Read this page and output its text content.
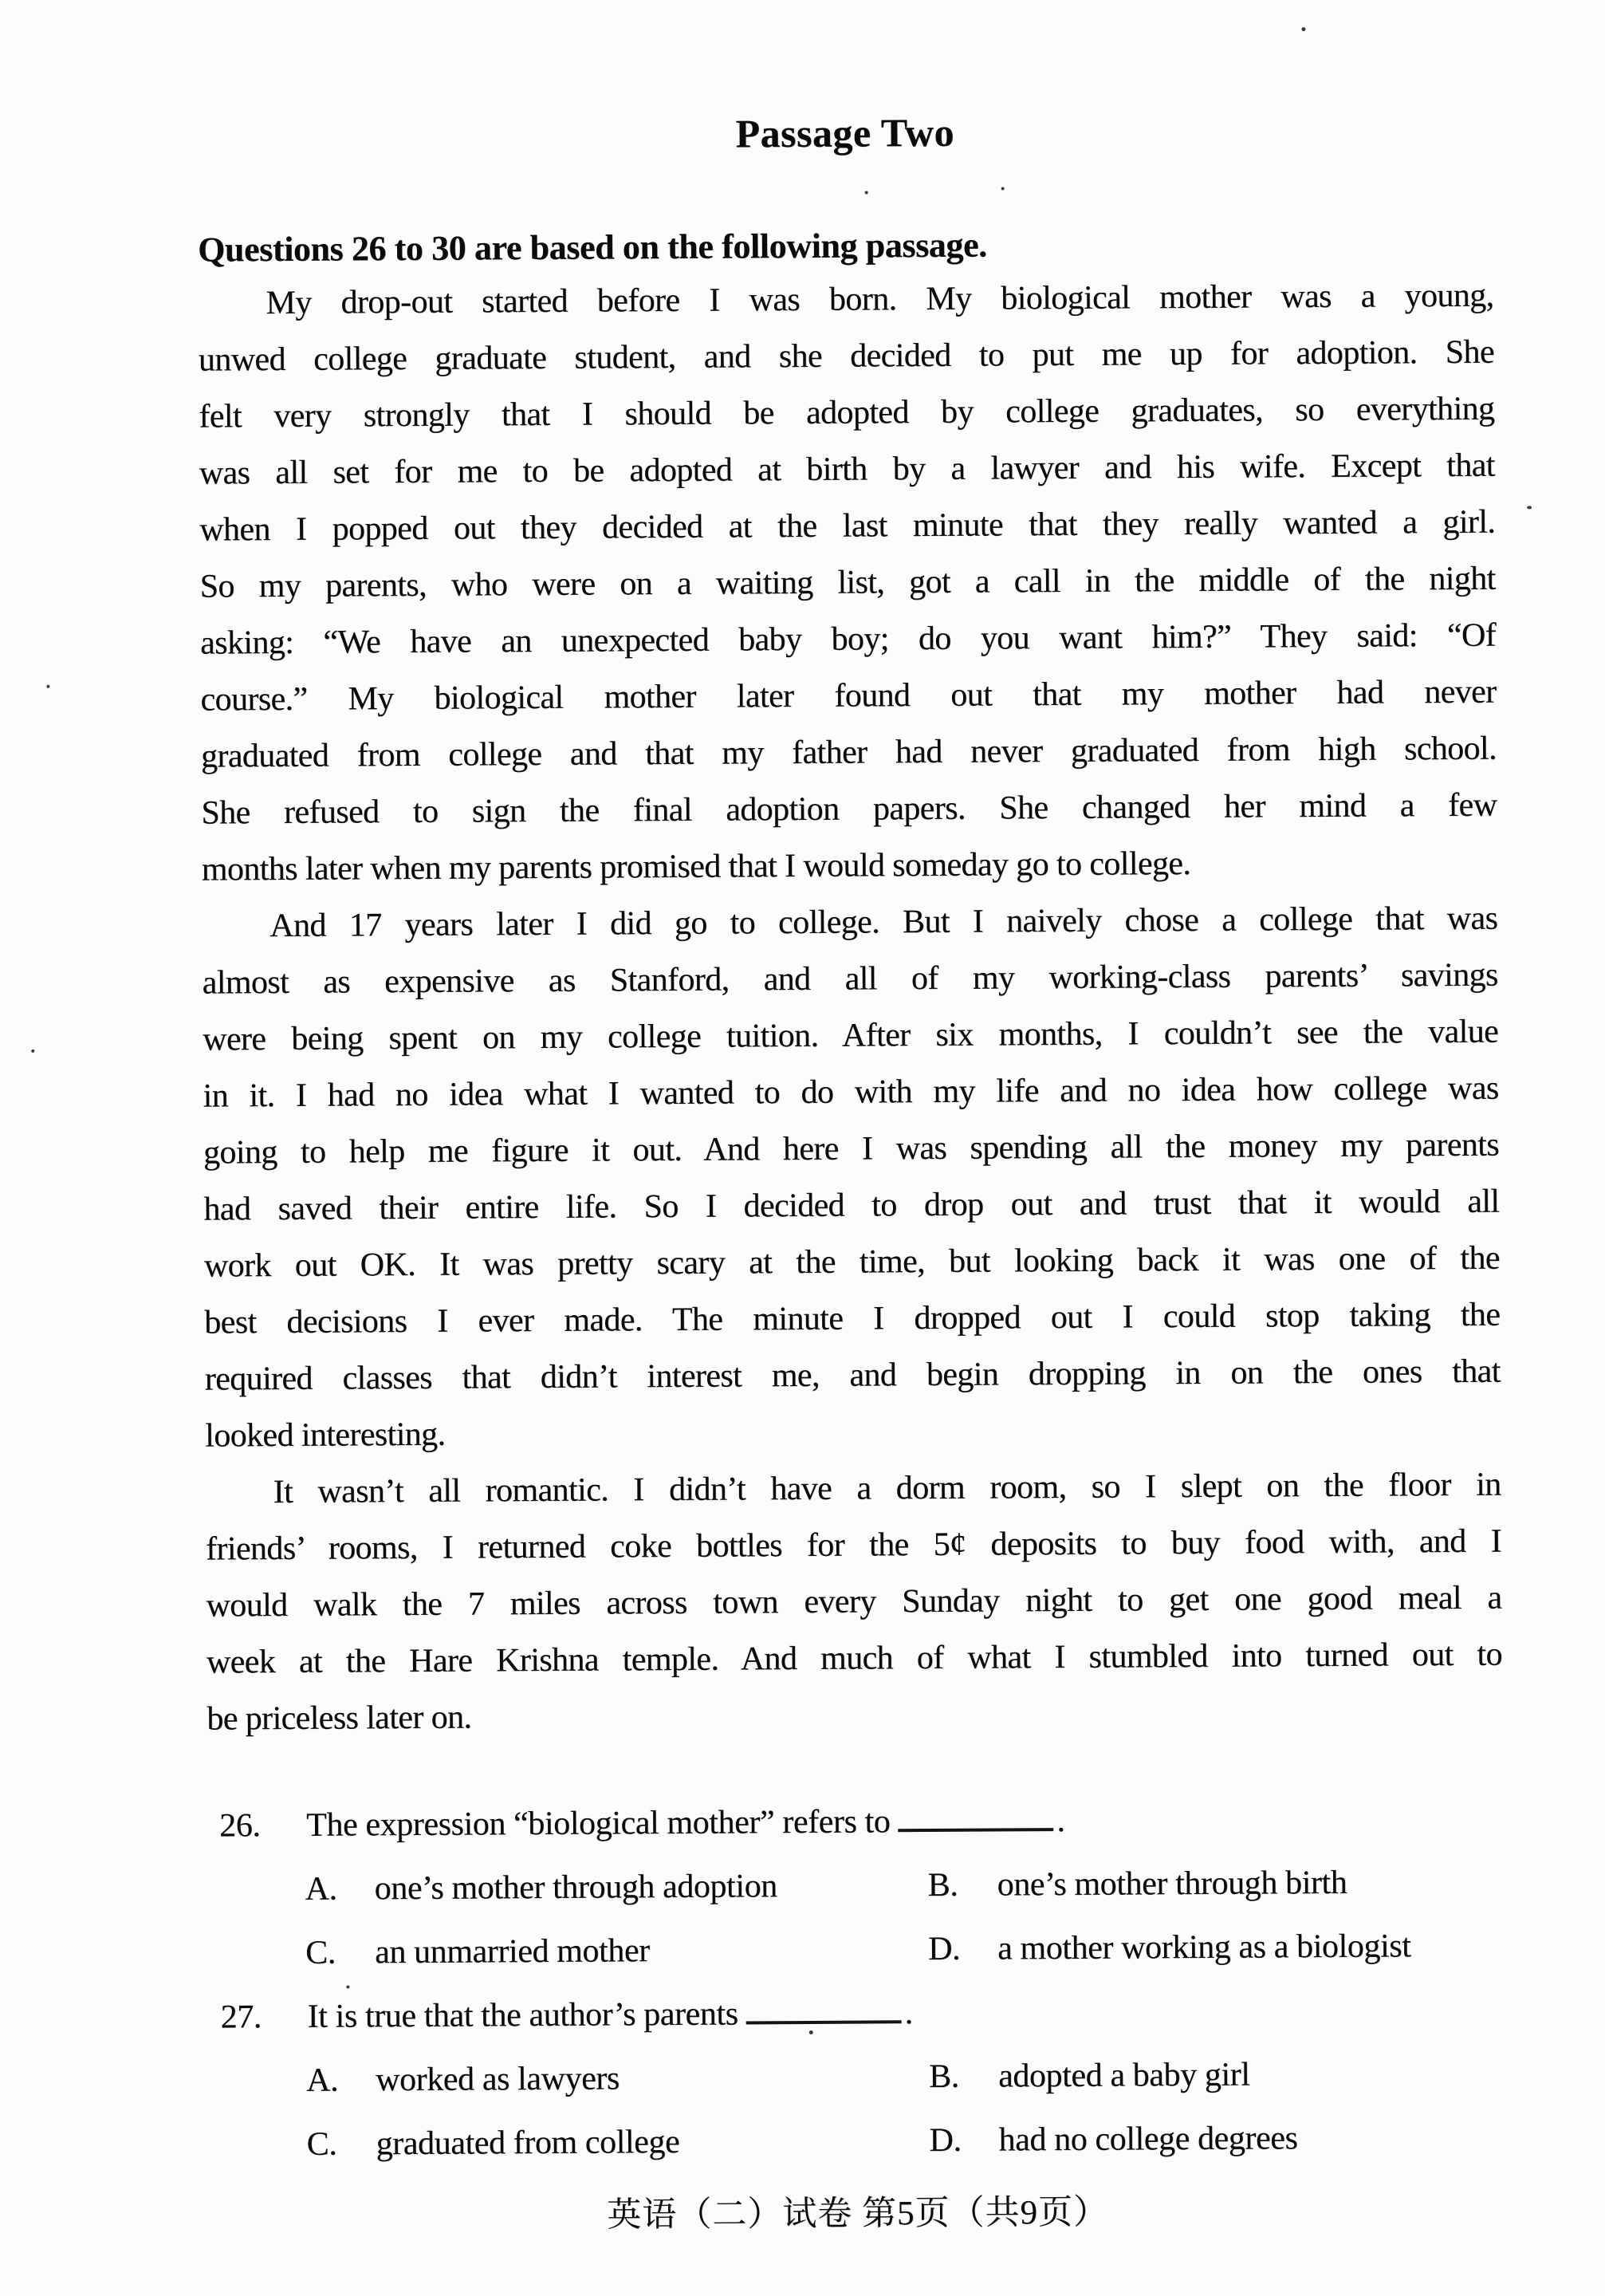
Passage Two
Questions 26 to 30 are based on the following passage.
My drop-out started before I was born. My biological mother was a young,
unwed college graduate student, and she decided to put me up for adoption. She
felt very strongly that I should be adopted by college graduates, so everything
was all set for me to be adopted at birth by a lawyer and his wife. Except that
when I popped out they decided at the last minute that they really wanted a girl.
So my parents, who were on a waiting list, got a call in the middle of the night
asking: “We have an unexpected baby boy; do you want him?” They said: “Of
course.” My biological mother later found out that my mother had never
graduated from college and that my father had never graduated from high school.
She refused to sign the final adoption papers. She changed her mind a few
months later when my parents promised that I would someday go to college.
And 17 years later I did go to college. But I naively chose a college that was
almost as expensive as Stanford, and all of my working-class parents’ savings
were being spent on my college tuition. After six months, I couldn’t see the value
in it. I had no idea what I wanted to do with my life and no idea how college was
going to help me figure it out. And here I was spending all the money my parents
had saved their entire life. So I decided to drop out and trust that it would all
work out OK. It was pretty scary at the time, but looking back it was one of the
best decisions I ever made. The minute I dropped out I could stop taking the
required classes that didn’t interest me, and begin dropping in on the ones that
looked interesting.
It wasn’t all romantic. I didn’t have a dorm room, so I slept on the floor in
friends’ rooms, I returned coke bottles for the 5¢ deposits to buy food with, and I
would walk the 7 miles across town every Sunday night to get one good meal a
week at the Hare Krishna temple. And much of what I stumbled into turned out to
be priceless later on.
26. The expression “biological mother” refers to	.
A. one’s mother through adoption	B. one’s mother through birth
C. an unmarried mother	D. a mother working as a biologist
27. It is true that the author’s parents	.
A. worked as lawyers	B. adopted a baby girl
C. graduated from college	D. had no college degrees
英语（二）试卷 第5页（共9页）
